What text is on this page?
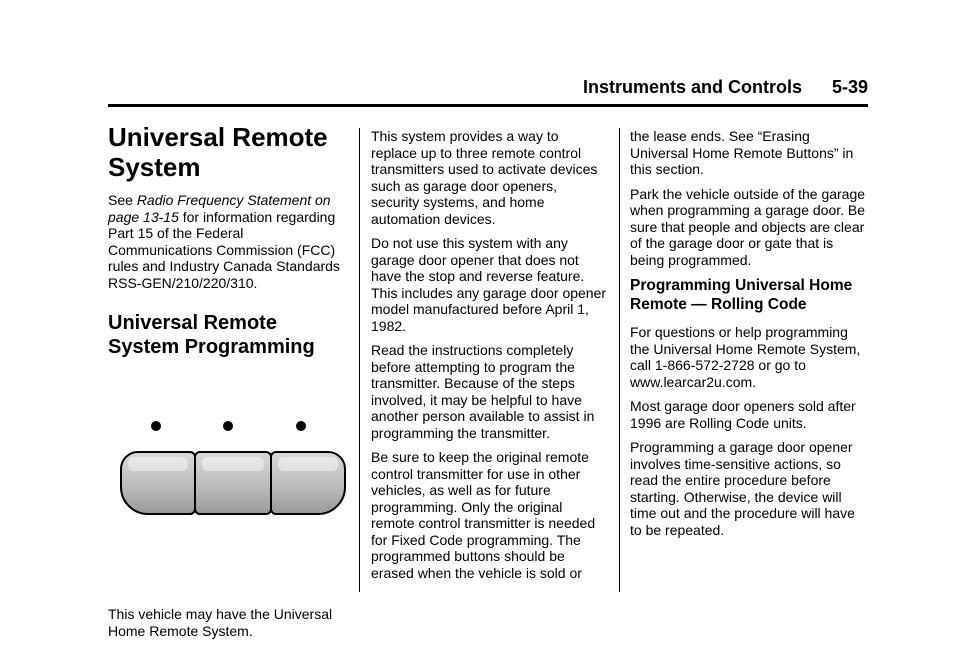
Instruments and Controls 5-39
Universal Remote System

See Radio Frequency Statement on page 13-15 for information regarding Part 15 of the Federal Communications Commission (FCC) rules and Industry Canada Standards RSS-GEN/210/220/310.

Universal Remote System Programming

This vehicle may have the Universal Home Remote System.

This system provides a way to replace up to three remote control transmitters used to activate devices such as garage door openers, security systems, and home automation devices.

Do not use this system with any garage door opener that does not have the stop and reverse feature. This includes any garage door opener model manufactured before April 1, 1982.

Read the instructions completely before attempting to program the transmitter. Because of the steps involved, it may be helpful to have another person available to assist in programming the transmitter.

Be sure to keep the original remote control transmitter for use in other vehicles, as well as for future programming. Only the original remote control transmitter is needed for Fixed Code programming. The programmed buttons should be erased when the vehicle is sold or

the lease ends. See “Erasing Universal Home Remote Buttons” in this section.

Park the vehicle outside of the garage when programming a garage door. Be sure that people and objects are clear of the garage door or gate that is being programmed.

Programming Universal Home Remote — Rolling Code

For questions or help programming the Universal Home Remote System, call 1-866-572-2728 or go to www.learcar2u.com.

Most garage door openers sold after 1996 are Rolling Code units.

Programming a garage door opener involves time-sensitive actions, so read the entire procedure before starting. Otherwise, the device will time out and the procedure will have to be repeated.
